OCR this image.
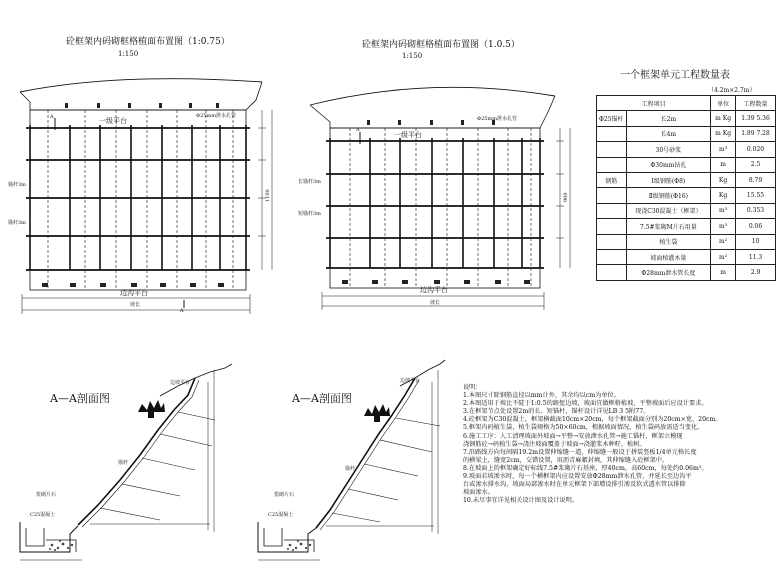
砼框架内码砌框格植面布置图（1:0.75）
1:150
砼框架内码砌框格植面布置图（1.0.5）
1:150
一级平台
一级平台
边沟平台	边沟平台
锚杆3m
锚杆3m
长锚杆3m
短锚杆3m
Φ25mm泄水孔管	Φ25mm泄水孔管
A
A
A
坡长	坡长
1100	900
A—A剖面图	A—A剖面图
边坡平台	边坡平台
浆砌片石	浆砌片石
锚杆
锚杆
C25混凝土	C25混凝土
一个框架单元工程数量表
（4.2m×2.7m）
工程项目		单位	工程数量
Φ25锚杆	长2m	m Kg	1.39 5.36
	长4m	m Kg	1.89 7.28
	30号砂浆	m³	0.020
	Φ30mm钻孔	m	2.5
钢筋	Ⅰ级钢筋(Φ8)	Kg	8.79
	Ⅱ级钢筋(Φ16)	Kg	15.55
	现浇C30混凝土（框架）	m³	0.353
	7.5#浆砌M片石用量	m³	0.06
	植生袋	m²	10
	坡面植灌木量	m²	11.3
	Φ28mm泄水管长度	m	2.9
说明：
1.本图尺寸除钢筋直径以mm计外，其余均以cm为单位。
2.本图适用于坡比不陡于1:0.5的路堑边坡，坡面宜做框格植坡，平整坡面后应设计要求。
3.在框架节点处设置2m的长、短锚杆，锚杆设计详见LB 3 5附77。
4.砼框架为C30混凝土，框架横截面10cm×20cm，每个框架截面分别为20cm×宽，20cm。
5.框架内码植生袋，植生袋规格为50×60cm，根据坡面情况，植生袋码放需适当变化。
6.施工工序：人工清理坡面外坡面→平整→安放泄水孔管→施工锚杆，框架立模现
浇钢筋砼→码植生袋→浇注坡面覆盖于坡面→浇灌浆木种籽，植树。
7.沿路线方向每间隔19.2m设置伸缩缝一道，伸缩缝一般设于拼装竖板1/4单元格长度
的横梁上，缝宽2cm，交错设置，用沥青麻絮封填，其伸缩缝入砼框架中。
8.在坡面上的框架确定好标线7.5#浆砌片石基座，厚40cm，高60cm，每处约0.06m³。
9.坡面若坡渗水时，每一个横框架内应设置安放Φ28mm泄水孔管，并延长至边沟平
台或渗水排水沟，坡面局部渗水时在单元框架下部增设排引渗及软式透水管以排除
坡面渗水。
10.未尽事宜详见相关设计图及设计说明。
